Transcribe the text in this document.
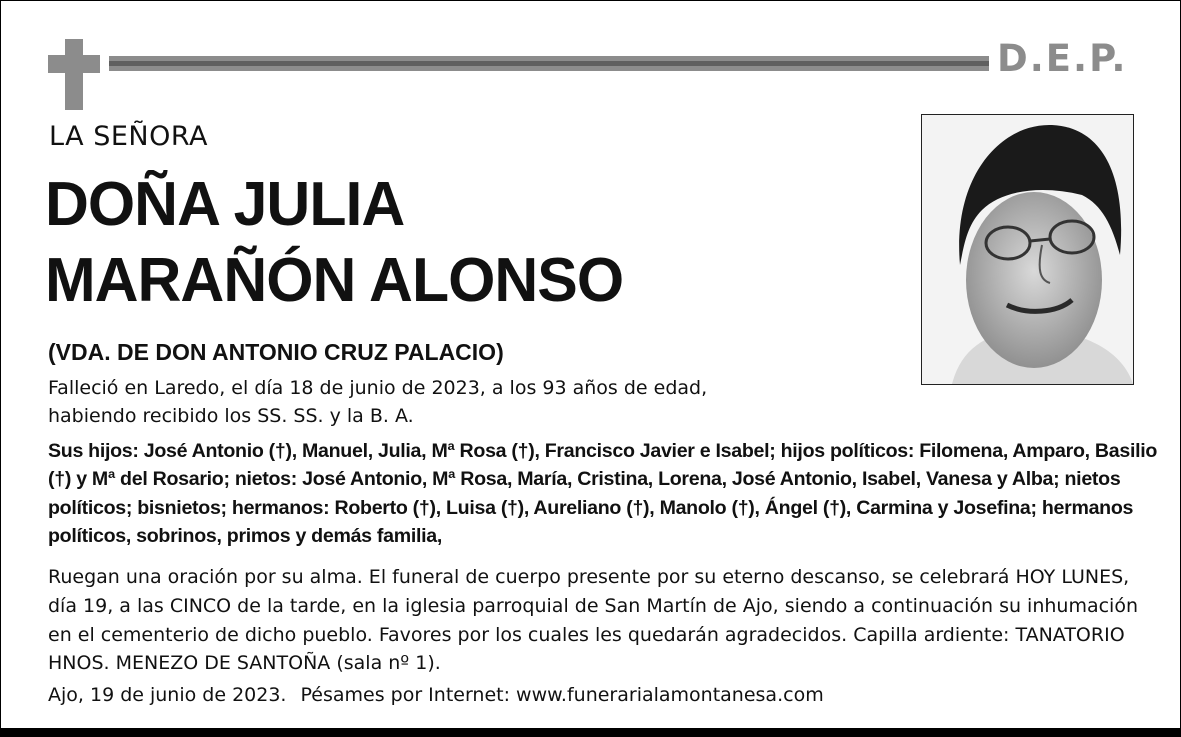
D.E.P.
LA SEÑORA
DOÑA JULIA
MARAÑÓN ALONSO
(VDA. DE DON ANTONIO CRUZ PALACIO)
Falleció en Laredo, el día 18 de junio de 2023, a los 93 años de edad,
habiendo recibido los SS. SS. y la B. A.
Sus hijos: José Antonio (†), Manuel, Julia, Mª Rosa (†), Francisco Javier e Isabel; hijos políticos: Filomena, Amparo, Basilio (†) y Mª del Rosario; nietos: José Antonio, Mª Rosa, María, Cristina, Lorena, José Antonio, Isabel, Vanesa y Alba; nietos políticos; bisnietos; hermanos: Roberto (†), Luisa (†), Aureliano (†), Manolo (†), Ángel (†), Carmina y Josefina; hermanos políticos, sobrinos, primos y demás familia,
Ruegan una oración por su alma. El funeral de cuerpo presente por su eterno descanso, se celebrará HOY LUNES, día 19, a las CINCO de la tarde, en la iglesia parroquial de San Martín de Ajo, siendo a continuación su inhumación en el cementerio de dicho pueblo. Favores por los cuales les quedarán agradecidos. Capilla ardiente: TANATORIO HNOS. MENEZO DE SANTOÑA (sala nº 1).
Ajo, 19 de junio de 2023. Pésames por Internet: www.funerarialamontanesa.com
